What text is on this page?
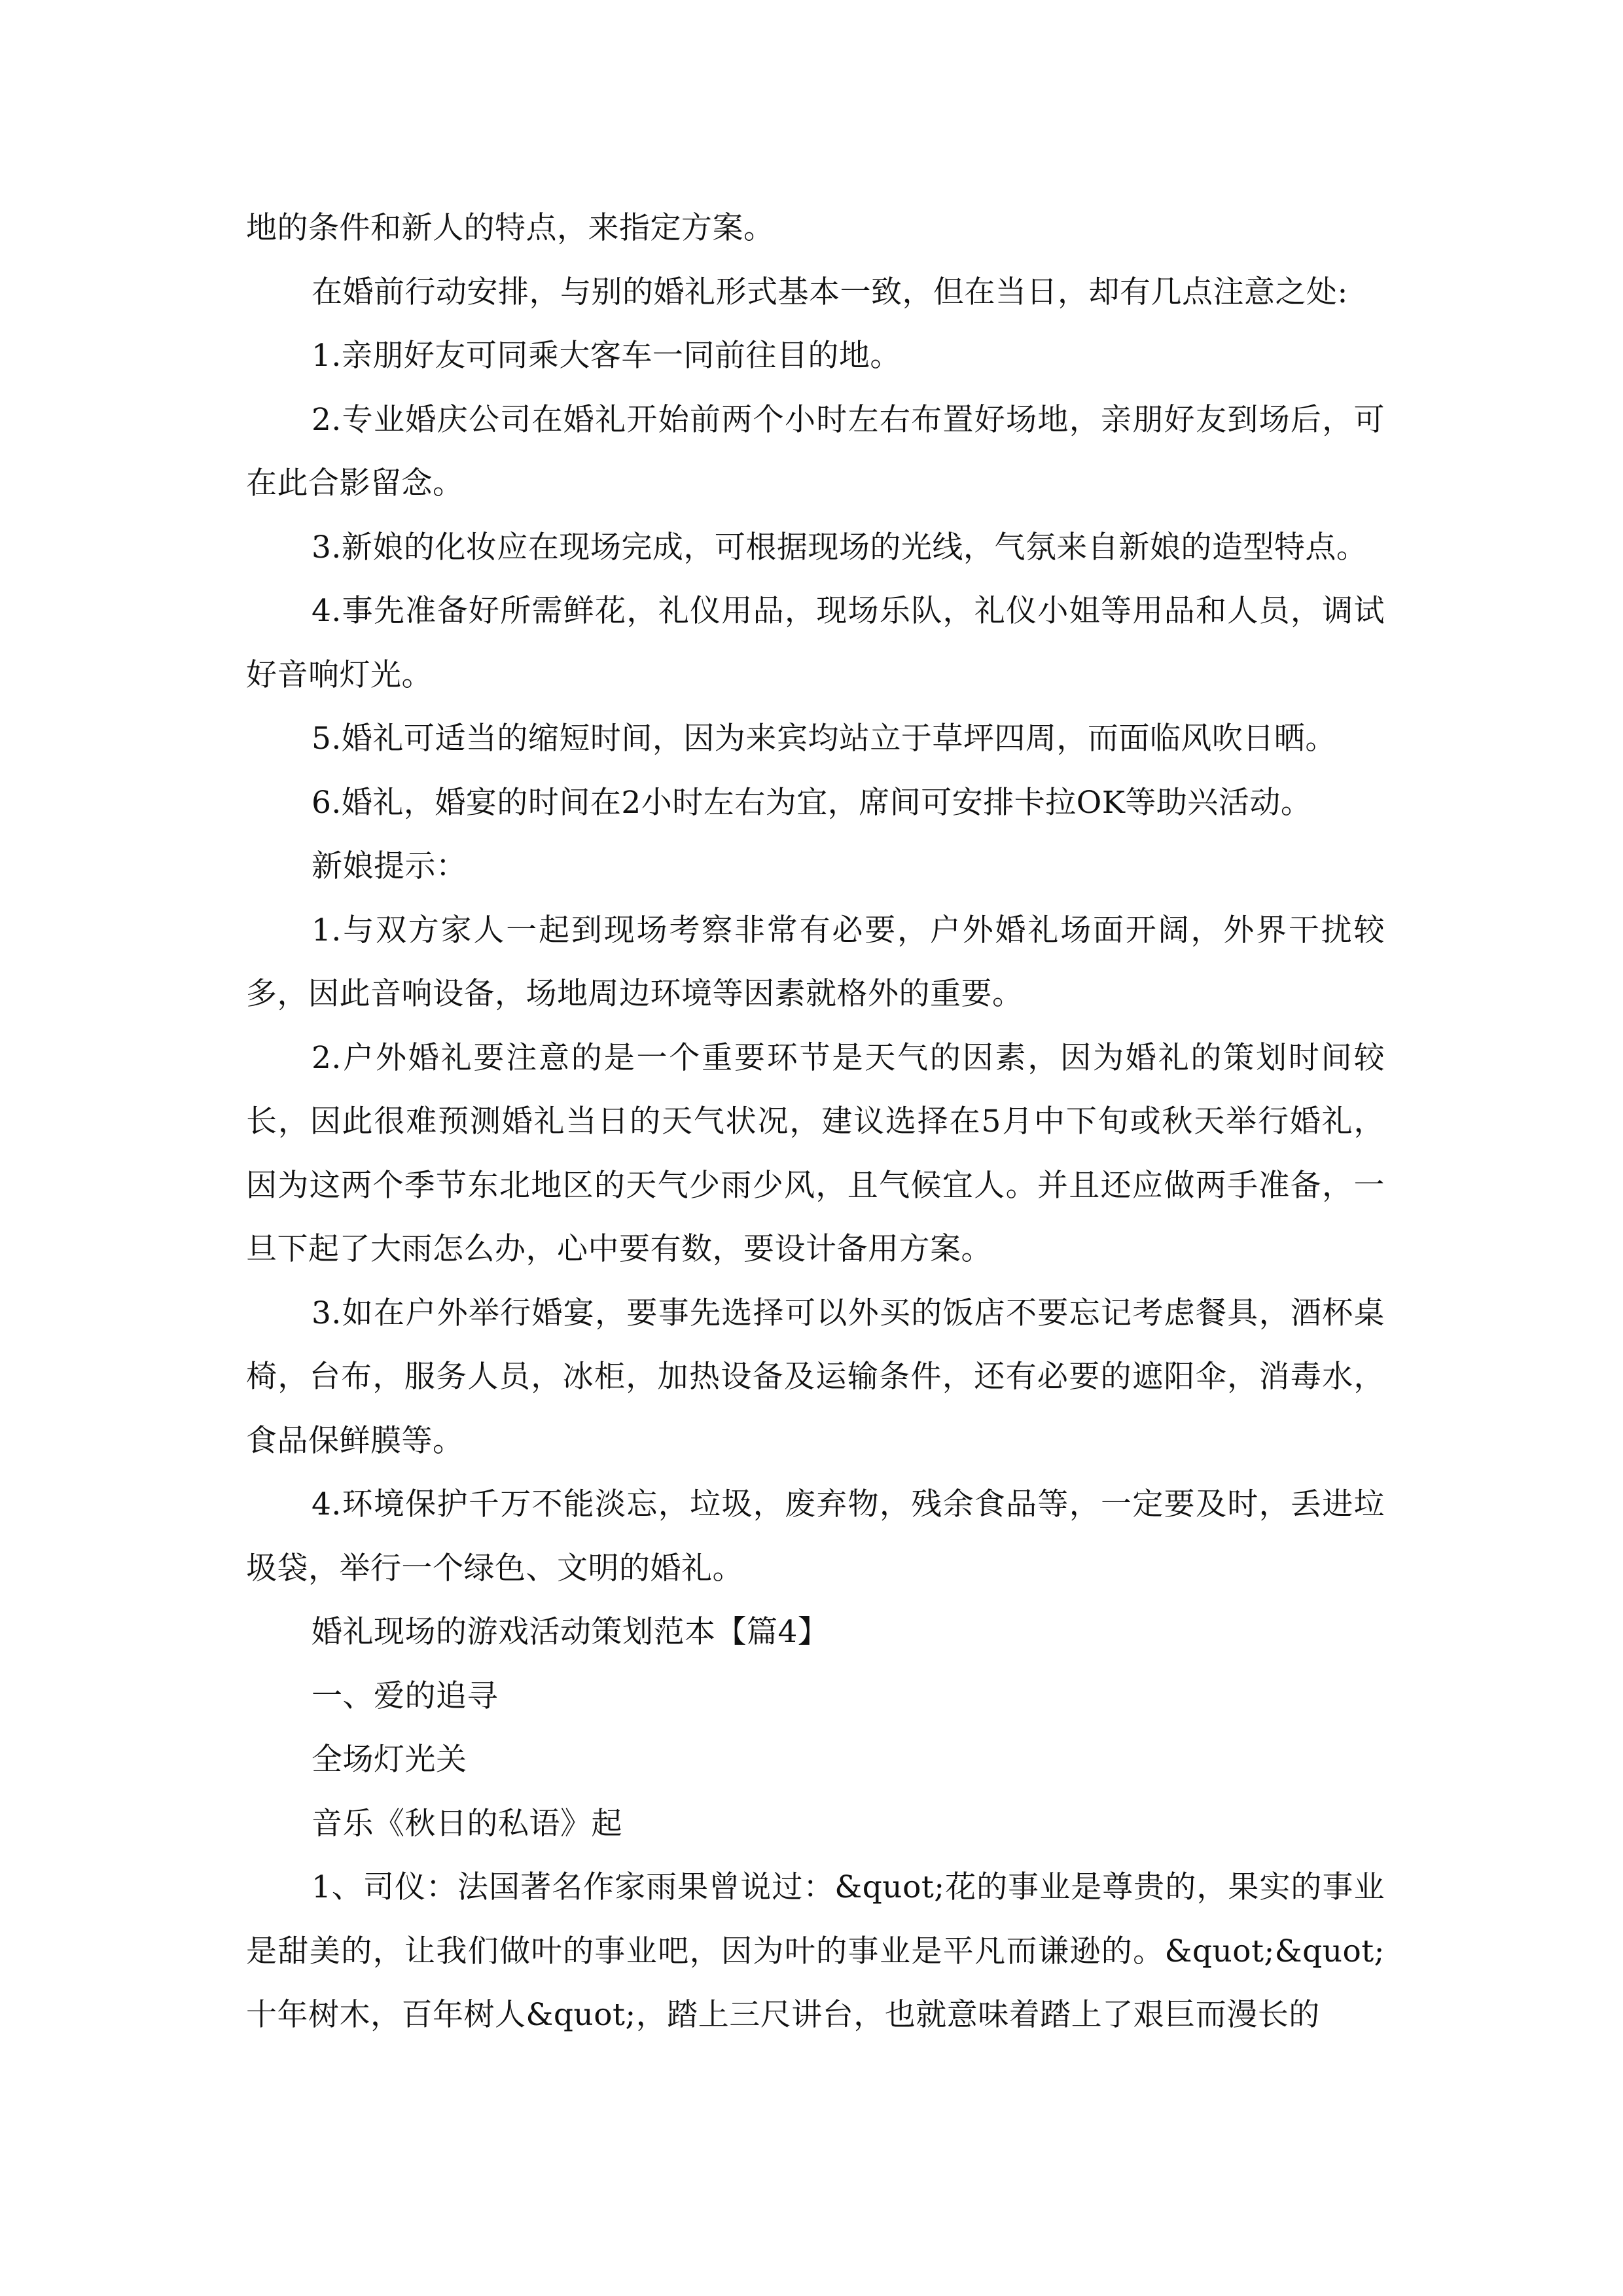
地的条件和新人的特点，来指定方案。

在婚前行动安排，与别的婚礼形式基本一致，但在当日，却有几点注意之处:

1.亲朋好友可同乘大客车一同前往目的地。

2.专业婚庆公司在婚礼开始前两个小时左右布置好场地，亲朋好友到场后，可在此合影留念。

3.新娘的化妆应在现场完成，可根据现场的光线，气氛来自新娘的造型特点。

4.事先准备好所需鲜花，礼仪用品，现场乐队，礼仪小姐等用品和人员，调试好音响灯光。

5.婚礼可适当的缩短时间，因为来宾均站立于草坪四周，而面临风吹日晒。

6.婚礼，婚宴的时间在2小时左右为宜，席间可安排卡拉OK等助兴活动。

新娘提示：

1.与双方家人一起到现场考察非常有必要，户外婚礼场面开阔，外界干扰较多，因此音响设备，场地周边环境等因素就格外的重要。

2.户外婚礼要注意的是一个重要环节是天气的因素，因为婚礼的策划时间较长，因此很难预测婚礼当日的天气状况，建议选择在5月中下旬或秋天举行婚礼，因为这两个季节东北地区的天气少雨少风，且气候宜人。并且还应做两手准备，一旦下起了大雨怎么办，心中要有数，要设计备用方案。

3.如在户外举行婚宴，要事先选择可以外买的饭店不要忘记考虑餐具，酒杯桌椅，台布，服务人员，冰柜，加热设备及运输条件，还有必要的遮阳伞，消毒水，食品保鲜膜等。

4.环境保护千万不能淡忘，垃圾，废弃物，残余食品等，一定要及时，丢进垃圾袋，举行一个绿色、文明的婚礼。

婚礼现场的游戏活动策划范本【篇4】

一、爱的追寻

全场灯光关

音乐《秋日的私语》起

1、司仪：法国著名作家雨果曾说过：&quot;花的事业是尊贵的，果实的事业是甜美的，让我们做叶的事业吧，因为叶的事业是平凡而谦逊的。&quot;&quot;十年树木，百年树人&quot;，踏上三尺讲台，也就意味着踏上了艰巨而漫长的
